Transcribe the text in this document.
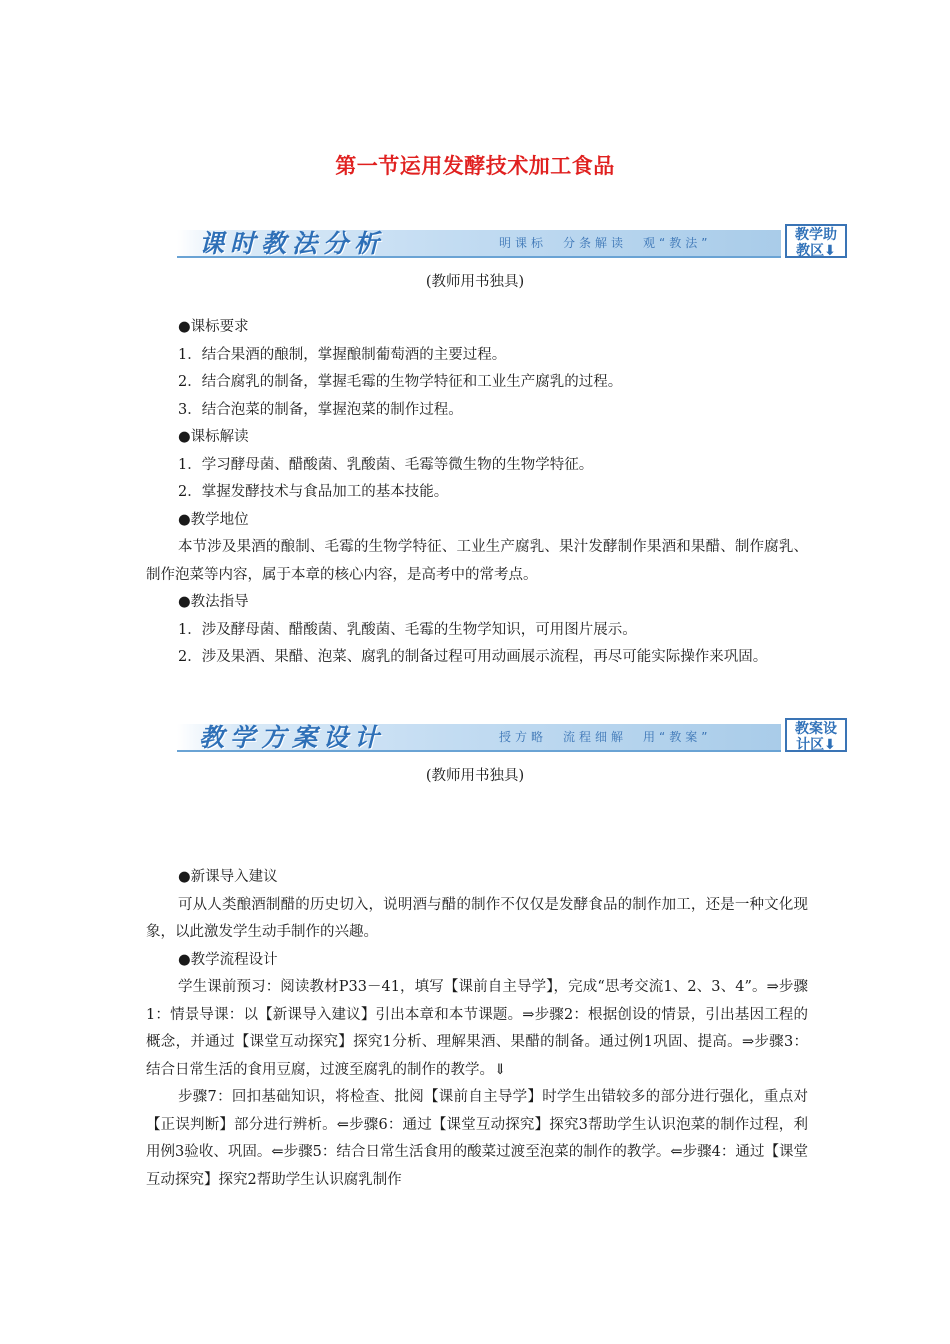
第一节运用发酵技术加工食品
课时教法分析	明课标　分条解读　观“教法”	教学助
教区⬇
(教师用书独具)

●课标要求

1．结合果酒的酿制，掌握酿制葡萄酒的主要过程。

2．结合腐乳的制备，掌握毛霉的生物学特征和工业生产腐乳的过程。

3．结合泡菜的制备，掌握泡菜的制作过程。

●课标解读

1．学习酵母菌、醋酸菌、乳酸菌、毛霉等微生物的生物学特征。

2．掌握发酵技术与食品加工的基本技能。

●教学地位

本节涉及果酒的酿制、毛霉的生物学特征、工业生产腐乳、果汁发酵制作果酒和果醋、制作腐乳、制作泡菜等内容，属于本章的核心内容，是高考中的常考点。

●教法指导

1．涉及酵母菌、醋酸菌、乳酸菌、毛霉的生物学知识，可用图片展示。

2．涉及果酒、果醋、泡菜、腐乳的制备过程可用动画展示流程，再尽可能实际操作来巩固。

教学方案设计	授方略　流程细解　用“教案”	教案设
计区⬇
(教师用书独具)

●新课导入建议

可从人类酿酒制醋的历史切入，说明酒与醋的制作不仅仅是发酵食品的制作加工，还是一种文化现象，以此激发学生动手制作的兴趣。

●教学流程设计

学生课前预习：阅读教材P33－41，填写【课前自主导学】，完成“思考交流1、2、3、4”。⇒步骤1：情景导课：以【新课导入建议】引出本章和本节课题。⇒步骤2：根据创设的情景，引出基因工程的概念，并通过【课堂互动探究】探究1分析、理解果酒、果醋的制备。通过例1巩固、提高。⇒步骤3：结合日常生活的食用豆腐，过渡至腐乳的制作的教学。⇓

步骤7：回扣基础知识，将检查、批阅【课前自主导学】时学生出错较多的部分进行强化，重点对【正误判断】部分进行辨析。⇐步骤6：通过【课堂互动探究】探究3帮助学生认识泡菜的制作过程，利用例3验收、巩固。⇐步骤5：结合日常生活食用的酸菜过渡至泡菜的制作的教学。⇐步骤4：通过【课堂互动探究】探究2帮助学生认识腐乳制作
